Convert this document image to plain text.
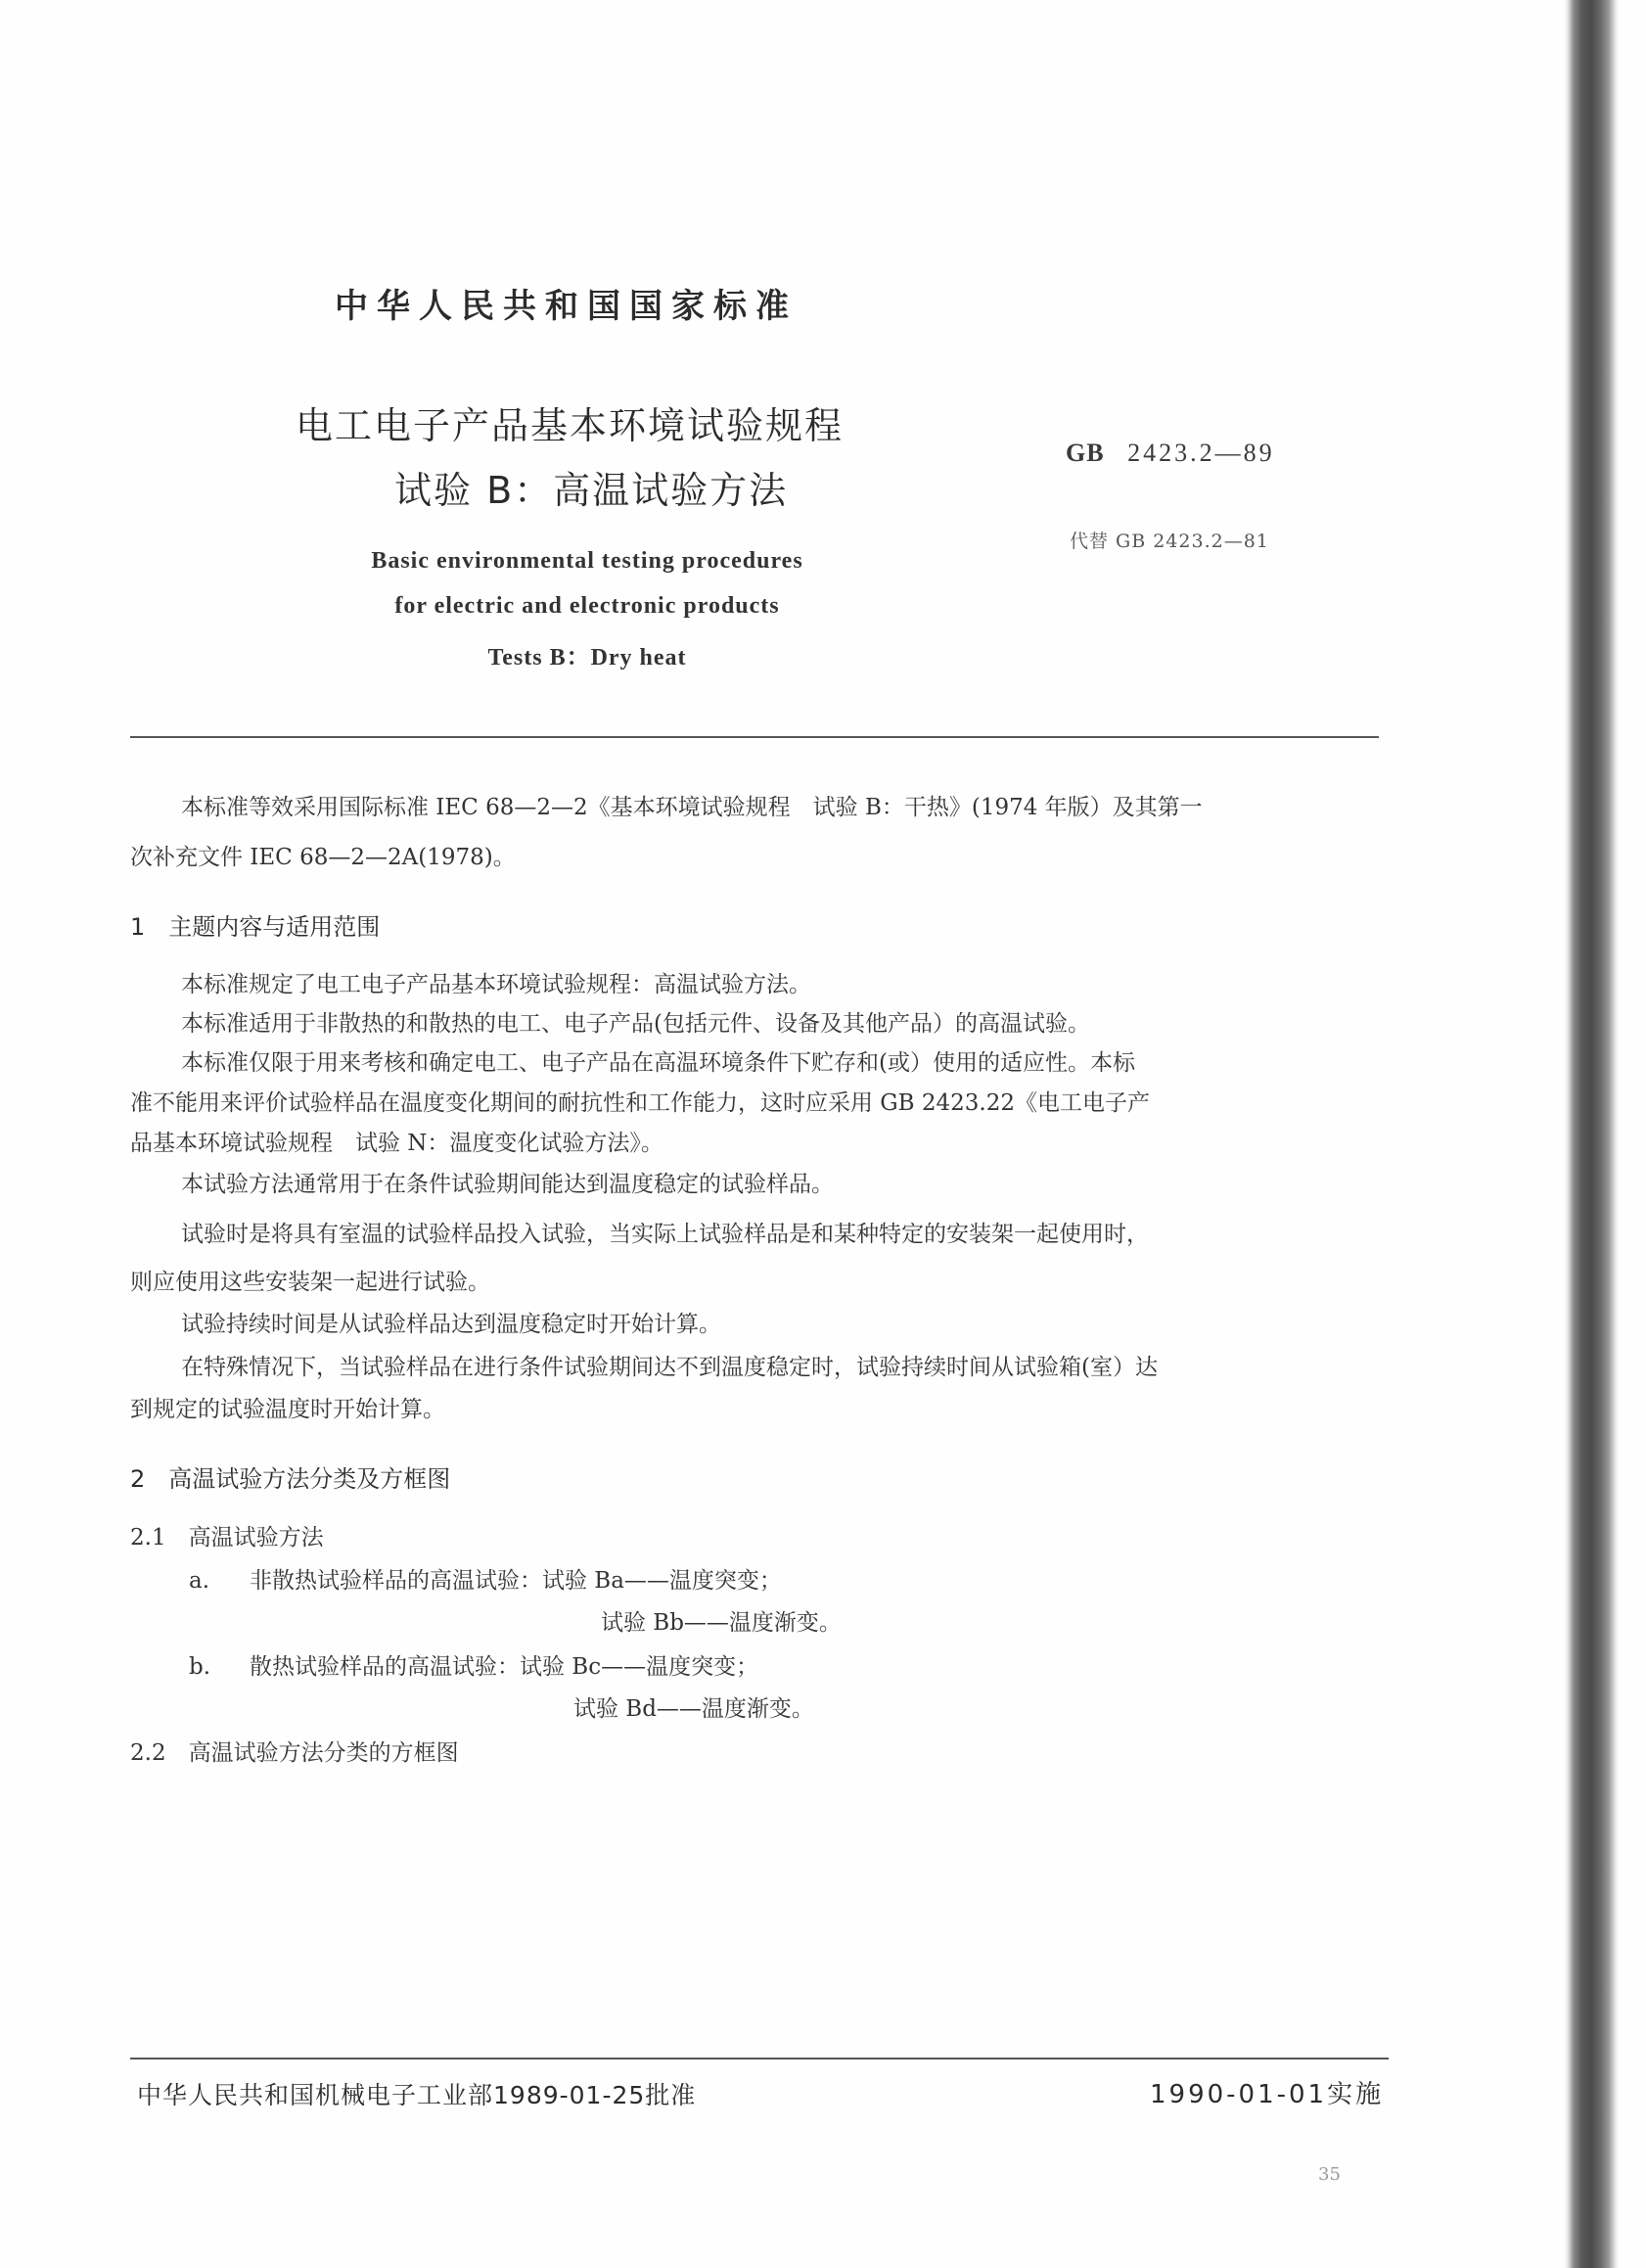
中华人民共和国国家标准
电工电子产品基本环境试验规程
试验 B：高温试验方法
GB 2423.2—89
代替 GB 2423.2—81
Basic environmental testing procedures
for electric and electronic products
Tests B：Dry heat
本标准等效采用国际标准 IEC 68—2—2《基本环境试验规程　试验 B：干热》(1974 年版）及其第一
次补充文件 IEC 68—2—2A(1978)。
1　主题内容与适用范围
本标准规定了电工电子产品基本环境试验规程：高温试验方法。
本标准适用于非散热的和散热的电工、电子产品(包括元件、设备及其他产品）的高温试验。
本标准仅限于用来考核和确定电工、电子产品在高温环境条件下贮存和(或）使用的适应性。本标
准不能用来评价试验样品在温度变化期间的耐抗性和工作能力，这时应采用 GB 2423.22《电工电子产
品基本环境试验规程　试验 N：温度变化试验方法》。
本试验方法通常用于在条件试验期间能达到温度稳定的试验样品。
试验时是将具有室温的试验样品投入试验，当实际上试验样品是和某种特定的安装架一起使用时，
则应使用这些安装架一起进行试验。
试验持续时间是从试验样品达到温度稳定时开始计算。
在特殊情况下，当试验样品在进行条件试验期间达不到温度稳定时，试验持续时间从试验箱(室）达
到规定的试验温度时开始计算。
2　高温试验方法分类及方框图
2.1　高温试验方法
a. 非散热试验样品的高温试验：试验 Ba——温度突变；
试验 Bb——温度渐变。
b. 散热试验样品的高温试验：试验 Bc——温度突变；
试验 Bd——温度渐变。
2.2　高温试验方法分类的方框图
中华人民共和国机械电子工业部1989-01-25批准	1990-01-01实施
35
